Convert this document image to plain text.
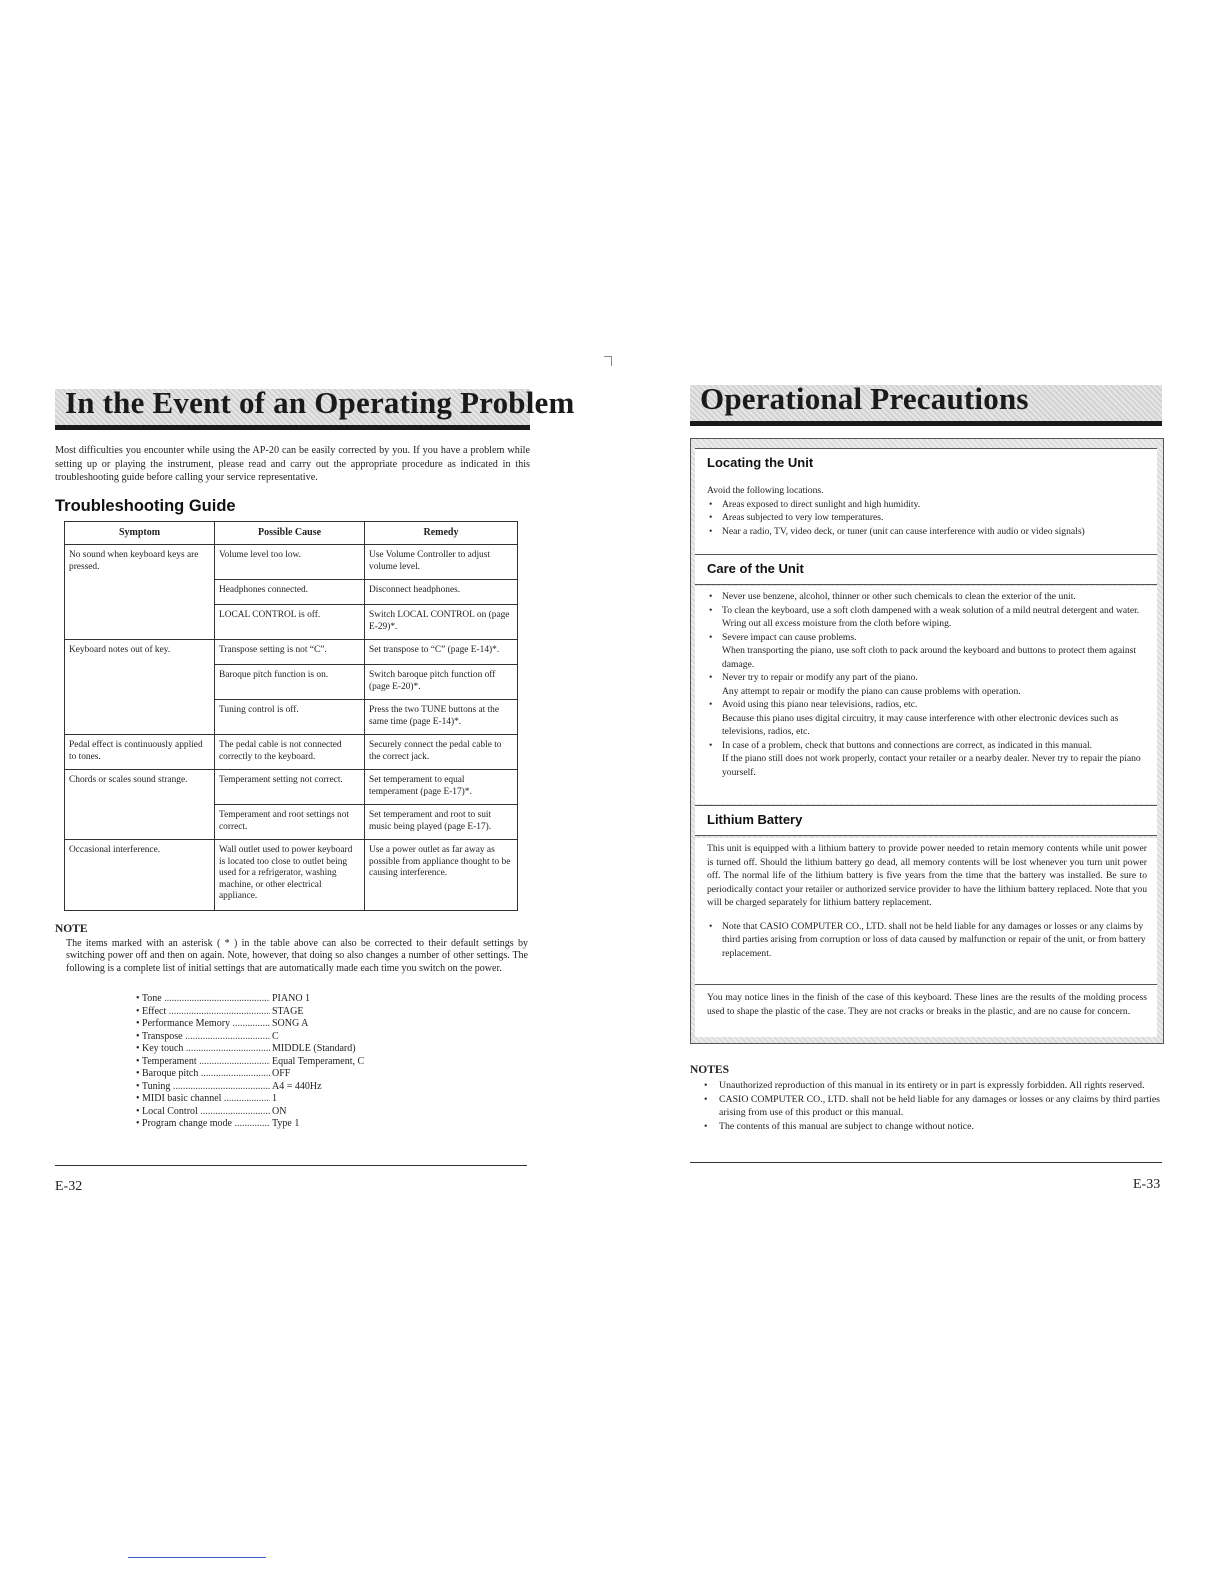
In the Event of an Operating Problem
Most difficulties you encounter while using the AP-20 can be easily corrected by you. If you have a problem while setting up or playing the instrument, please read and carry out the appropriate procedure as indicated in this troubleshooting guide before calling your service representative.
Troubleshooting Guide
Symptom	Possible Cause	Remedy
No sound when keyboard keys are pressed.	Volume level too low.	Use Volume Controller to adjust volume level.
	Headphones connected.	Disconnect headphones.
	LOCAL CONTROL is off.	Switch LOCAL CONTROL on (page E-29)*.
Keyboard notes out of key.	Transpose setting is not “C”.	Set transpose to “C” (page E-14)*.
	Baroque pitch function is on.	Switch baroque pitch function off (page E-20)*.
	Tuning control is off.	Press the two TUNE buttons at the same time (page E-14)*.
Pedal effect is continuously applied to tones.	The pedal cable is not connected correctly to the keyboard.	Securely connect the pedal cable to the correct jack.
Chords or scales sound strange.	Temperament setting not correct.	Set temperament to equal temperament (page E-17)*.
	Temperament and root settings not correct.	Set temperament and root to suit music being played (page E-17).
Occasional interference.	Wall outlet used to power keyboard is located too close to outlet being used for a refrigerator, washing machine, or other electrical appliance.	Use a power outlet as far away as possible from appliance thought to be causing interference.
NOTE
The items marked with an asterisk ( * ) in the table above can also be corrected to their default settings by switching power off and then on again. Note, however, that doing so also changes a number of other settings. The following is a complete list of initial settings that are automatically made each time you switch on the power.
• Tone .....	PIANO 1
• Effect .....	STAGE
• Performance Memory .....	SONG A
• Transpose .....	C
• Key touch .....	MIDDLE (Standard)
• Temperament .....	Equal Temperament, C
• Baroque pitch .....	OFF
• Tuning .....	A4 = 440Hz
• MIDI basic channel .....	1
• Local Control .....	ON
• Program change mode .....	Type 1
E-32
Operational Precautions
Locating the Unit

Avoid the following locations.

• Areas exposed to direct sunlight and high humidity.
• Areas subjected to very low temperatures.
• Near a radio, TV, video deck, or tuner (unit can cause interference with audio or video signals)
Care of the Unit
• Never use benzene, alcohol, thinner or other such chemicals to clean the exterior of the unit.
• To clean the keyboard, use a soft cloth dampened with a weak solution of a mild neutral detergent and water. Wring out all excess moisture from the cloth before wiping.
• Severe impact can cause problems.
When transporting the piano, use soft cloth to pack around the keyboard and buttons to protect them against damage.
• Never try to repair or modify any part of the piano.
Any attempt to repair or modify the piano can cause problems with operation.
• Avoid using this piano near televisions, radios, etc.
Because this piano uses digital circuitry, it may cause interference with other electronic devices such as televisions, radios, etc.
• In case of a problem, check that buttons and connections are correct, as indicated in this manual.
If the piano still does not work properly, contact your retailer or a nearby dealer. Never try to repair the piano yourself.
Lithium Battery

This unit is equipped with a lithium battery to provide power needed to retain memory contents while unit power is turned off. Should the lithium battery go dead, all memory contents will be lost whenever you turn unit power off. The normal life of the lithium battery is five years from the time that the battery was installed. Be sure to periodically contact your retailer or authorized service provider to have the lithium battery replaced. Note that you will be charged separately for lithium battery replacement.

• Note that CASIO COMPUTER CO., LTD. shall not be held liable for any damages or losses or any claims by third parties arising from corruption or loss of data caused by malfunction or repair of the unit, or from battery replacement.

You may notice lines in the finish of the case of this keyboard. These lines are the results of the molding process used to shape the plastic of the case. They are not cracks or breaks in the plastic, and are no cause for concern.

NOTES
• Unauthorized reproduction of this manual in its entirety or in part is expressly forbidden. All rights reserved.
• CASIO COMPUTER CO., LTD. shall not be held liable for any damages or losses or any claims by third parties arising from use of this product or this manual.
• The contents of this manual are subject to change without notice.
E-33
